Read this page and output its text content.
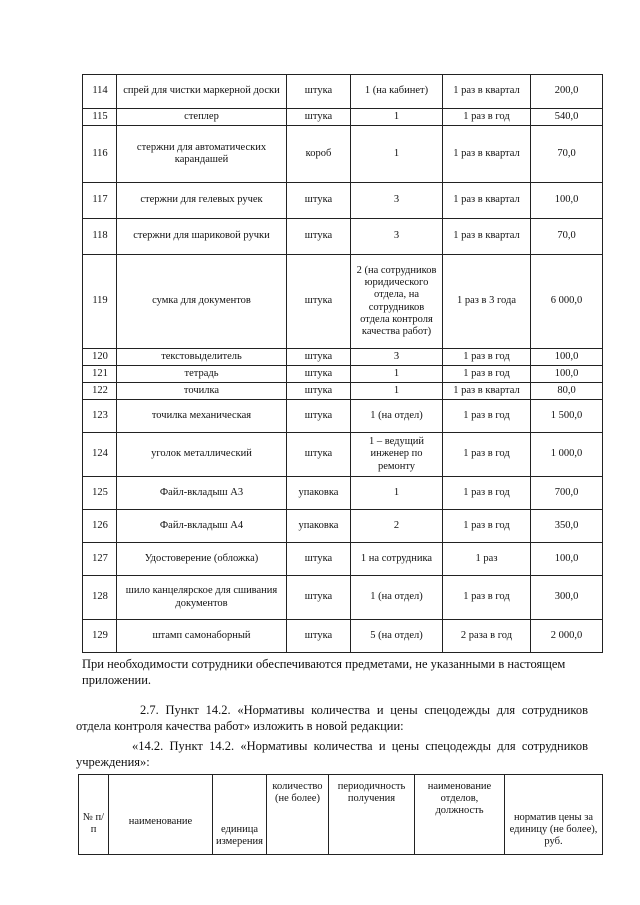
114	спрей для чистки маркерной доски	штука	1 (на кабинет)	1 раз в квартал	200,0
115	степлер	штука	1	1 раз в год	540,0
116	стержни для автоматических карандашей	короб	1	1 раз в квартал	70,0
117	стержни для гелевых ручек	штука	3	1 раз в квартал	100,0
118	стержни для шариковой ручки	штука	3	1 раз в квартал	70,0
119	сумка для документов	штука	2 (на сотрудников юридического отдела, на сотрудников отдела контроля качества работ)	1 раз в 3 года	6 000,0
120	текстовыделитель	штука	3	1 раз в год	100,0
121	тетрадь	штука	1	1 раз в год	100,0
122	точилка	штука	1	1 раз в квартал	80,0
123	точилка механическая	штука	1 (на отдел)	1 раз в год	1 500,0
124	уголок металлический	штука	1 – ведущий инженер по ремонту	1 раз в год	1 000,0
125	Файл-вкладыш А3	упаковка	1	1 раз в год	700,0
126	Файл-вкладыш А4	упаковка	2	1 раз в год	350,0
127	Удостоверение (обложка)	штука	1 на сотрудника	1 раз	100,0
128	шило канцелярское для сшивания документов	штука	1 (на отдел)	1 раз в год	300,0
129	штамп самонаборный	штука	5 (на отдел)	2 раза в год	2 000,0
При необходимости сотрудники обеспечиваются предметами, не указанными в настоящем приложении.
2.7. Пункт 14.2. «Нормативы количества и цены спецодежды для сотрудников отдела контроля качества работ» изложить в новой редакции:
«14.2. Пункт 14.2. «Нормативы количества и цены спецодежды для сотрудников учреждения»:
№ п/п	наименование	единица измерения	количество (не более)	периодичность получения	наименование отделов, должность	норматив цены за единицу (не более), руб.
